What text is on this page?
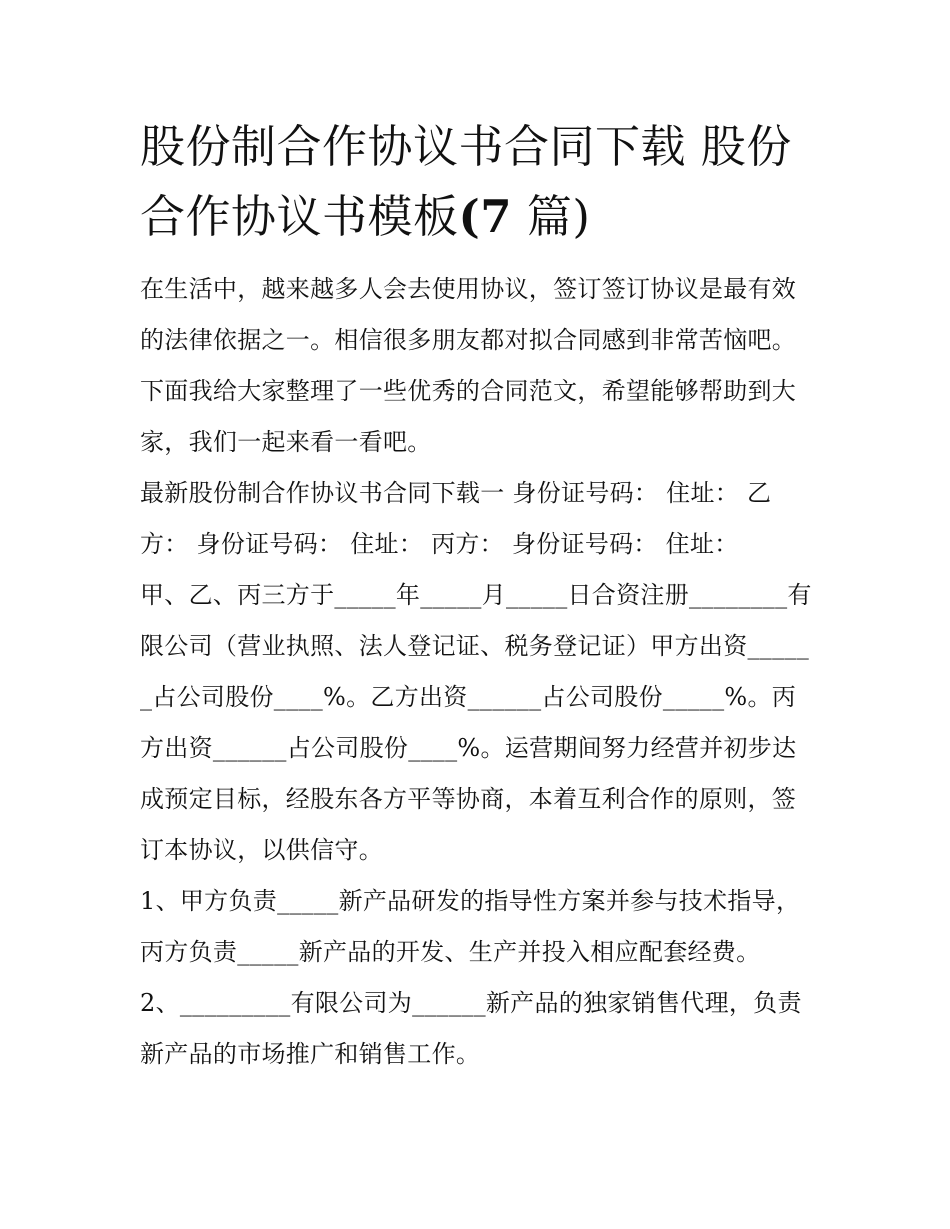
股份制合作协议书合同下载 股份合作协议书模板(7 篇)

在生活中，越来越多人会去使用协议，签订签订协议是最有效的法律依据之一。相信很多朋友都对拟合同感到非常苦恼吧。下面我给大家整理了一些优秀的合同范文，希望能够帮助到大家，我们一起来看一看吧。

最新股份制合作协议书合同下载一 身份证号码： 住址： 乙方： 身份证号码： 住址： 丙方： 身份证号码： 住址：

甲、乙、丙三方于_____年_____月_____日合资注册________有限公司（营业执照、法人登记证、税务登记证）甲方出资______占公司股份____%。乙方出资______占公司股份_____%。丙方出资______占公司股份____%。运营期间努力经营并初步达成预定目标，经股东各方平等协商，本着互利合作的原则，签订本协议，以供信守。

1、甲方负责_____新产品研发的指导性方案并参与技术指导，丙方负责_____新产品的开发、生产并投入相应配套经费。

2、_________有限公司为______新产品的独家销售代理，负责新产品的市场推广和销售工作。
